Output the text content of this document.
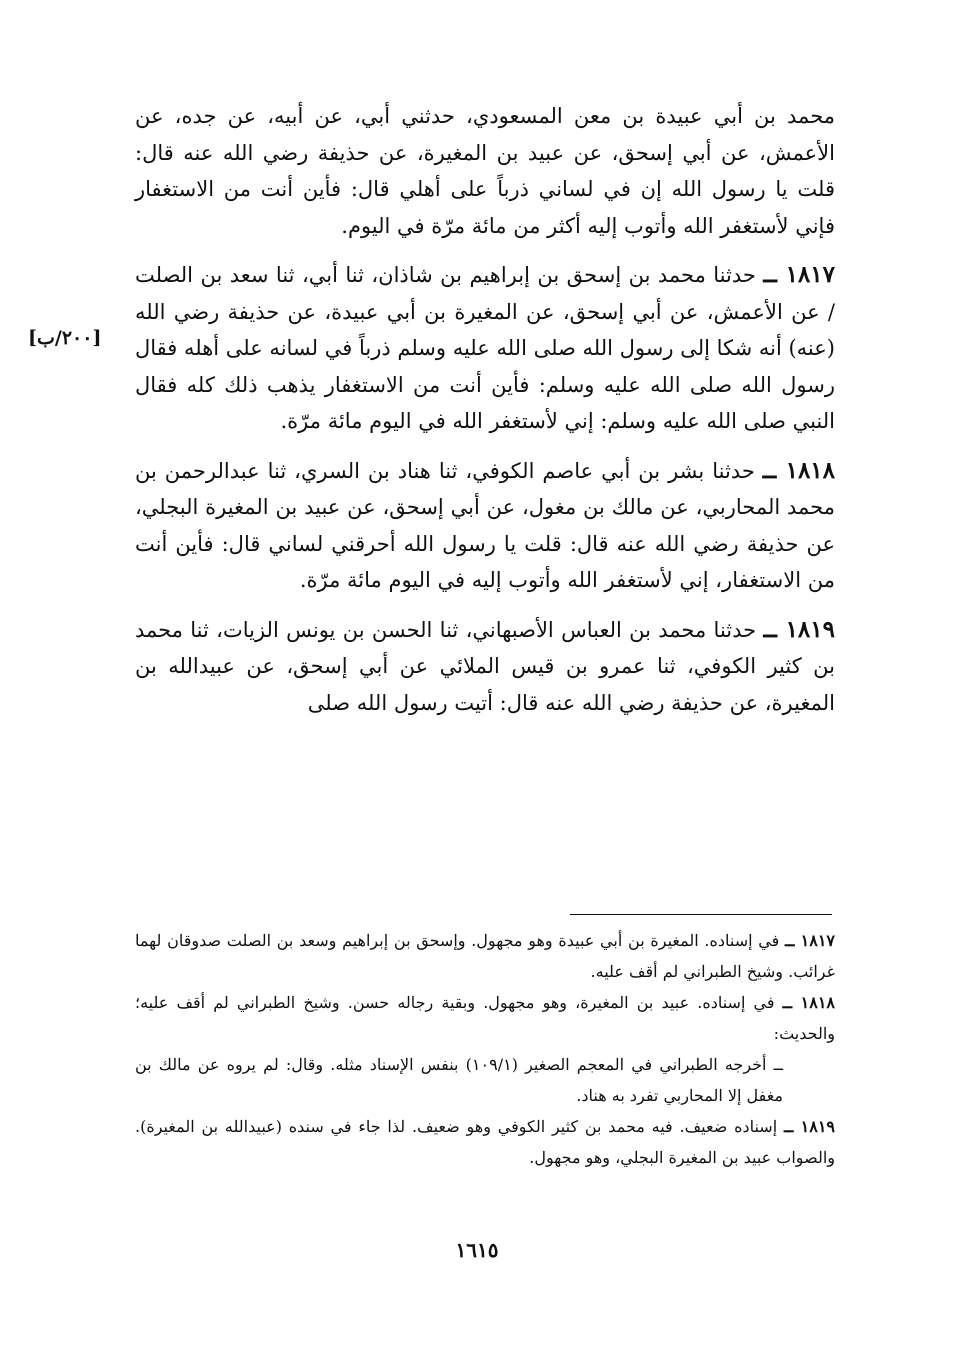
محمد بن أبي عبيدة بن معن المسعودي، حدثني أبي، عن أبيه، عن جده، عن الأعمش، عن أبي إسحق، عن عبيد بن المغيرة، عن حذيفة رضي الله عنه قال: قلت يا رسول الله إن في لساني ذرباً على أهلي قال: فأين أنت من الاستغفار فإني لأستغفر الله وأتوب إليه أكثر من مائة مرّة في اليوم.

١٨١٧ ــ حدثنا محمد بن إسحق بن إبراهيم بن شاذان، ثنا أبي، ثنا سعد بن الصلت / عن الأعمش، عن أبي إسحق، عن المغيرة بن أبي عبيدة، عن حذيفة رضي الله (عنه) أنه شكا إلى رسول الله صلى الله عليه وسلم ذرباً في لسانه على أهله فقال رسول الله صلى الله عليه وسلم: فأين أنت من الاستغفار يذهب ذلك كله فقال النبي صلى الله عليه وسلم: إني لأستغفر الله في اليوم مائة مرّة.

١٨١٨ ــ حدثنا بشر بن أبي عاصم الكوفي، ثنا هناد بن السري، ثنا عبدالرحمن بن محمد المحاربي، عن مالك بن مغول، عن أبي إسحق، عن عبيد بن المغيرة البجلي، عن حذيفة رضي الله عنه قال: قلت يا رسول الله أحرقني لساني قال: فأين أنت من الاستغفار، إني لأستغفر الله وأتوب إليه في اليوم مائة مرّة.

١٨١٩ ــ حدثنا محمد بن العباس الأصبهاني، ثنا الحسن بن يونس الزيات، ثنا محمد بن كثير الكوفي، ثنا عمرو بن قيس الملائي عن أبي إسحق، عن عبيدالله بن المغيرة، عن حذيفة رضي الله عنه قال: أتيت رسول الله صلى

[٢٠٠/ب]

١٨١٧ ــ في إسناده. المغيرة بن أبي عبيدة وهو مجهول. وإسحق بن إبراهيم وسعد بن الصلت صدوقان لهما غرائب. وشيخ الطبراني لم أقف عليه.

١٨١٨ ــ في إسناده. عبيد بن المغيرة، وهو مجهول. وبقية رجاله حسن. وشيخ الطبراني لم أقف عليه؛ والحديث:

ــ أخرجه الطبراني في المعجم الصغير (١٠٩/١) بنفس الإسناد مثله. وقال: لم يروه عن مالك بن مغفل إلا المحاربي تفرد به هناد.

١٨١٩ ــ إسناده ضعيف. فيه محمد بن كثير الكوفي وهو ضعيف. لذا جاء في سنده (عبيدالله بن المغيرة). والصواب عبيد بن المغيرة البجلي، وهو مجهول.

١٦١٥
